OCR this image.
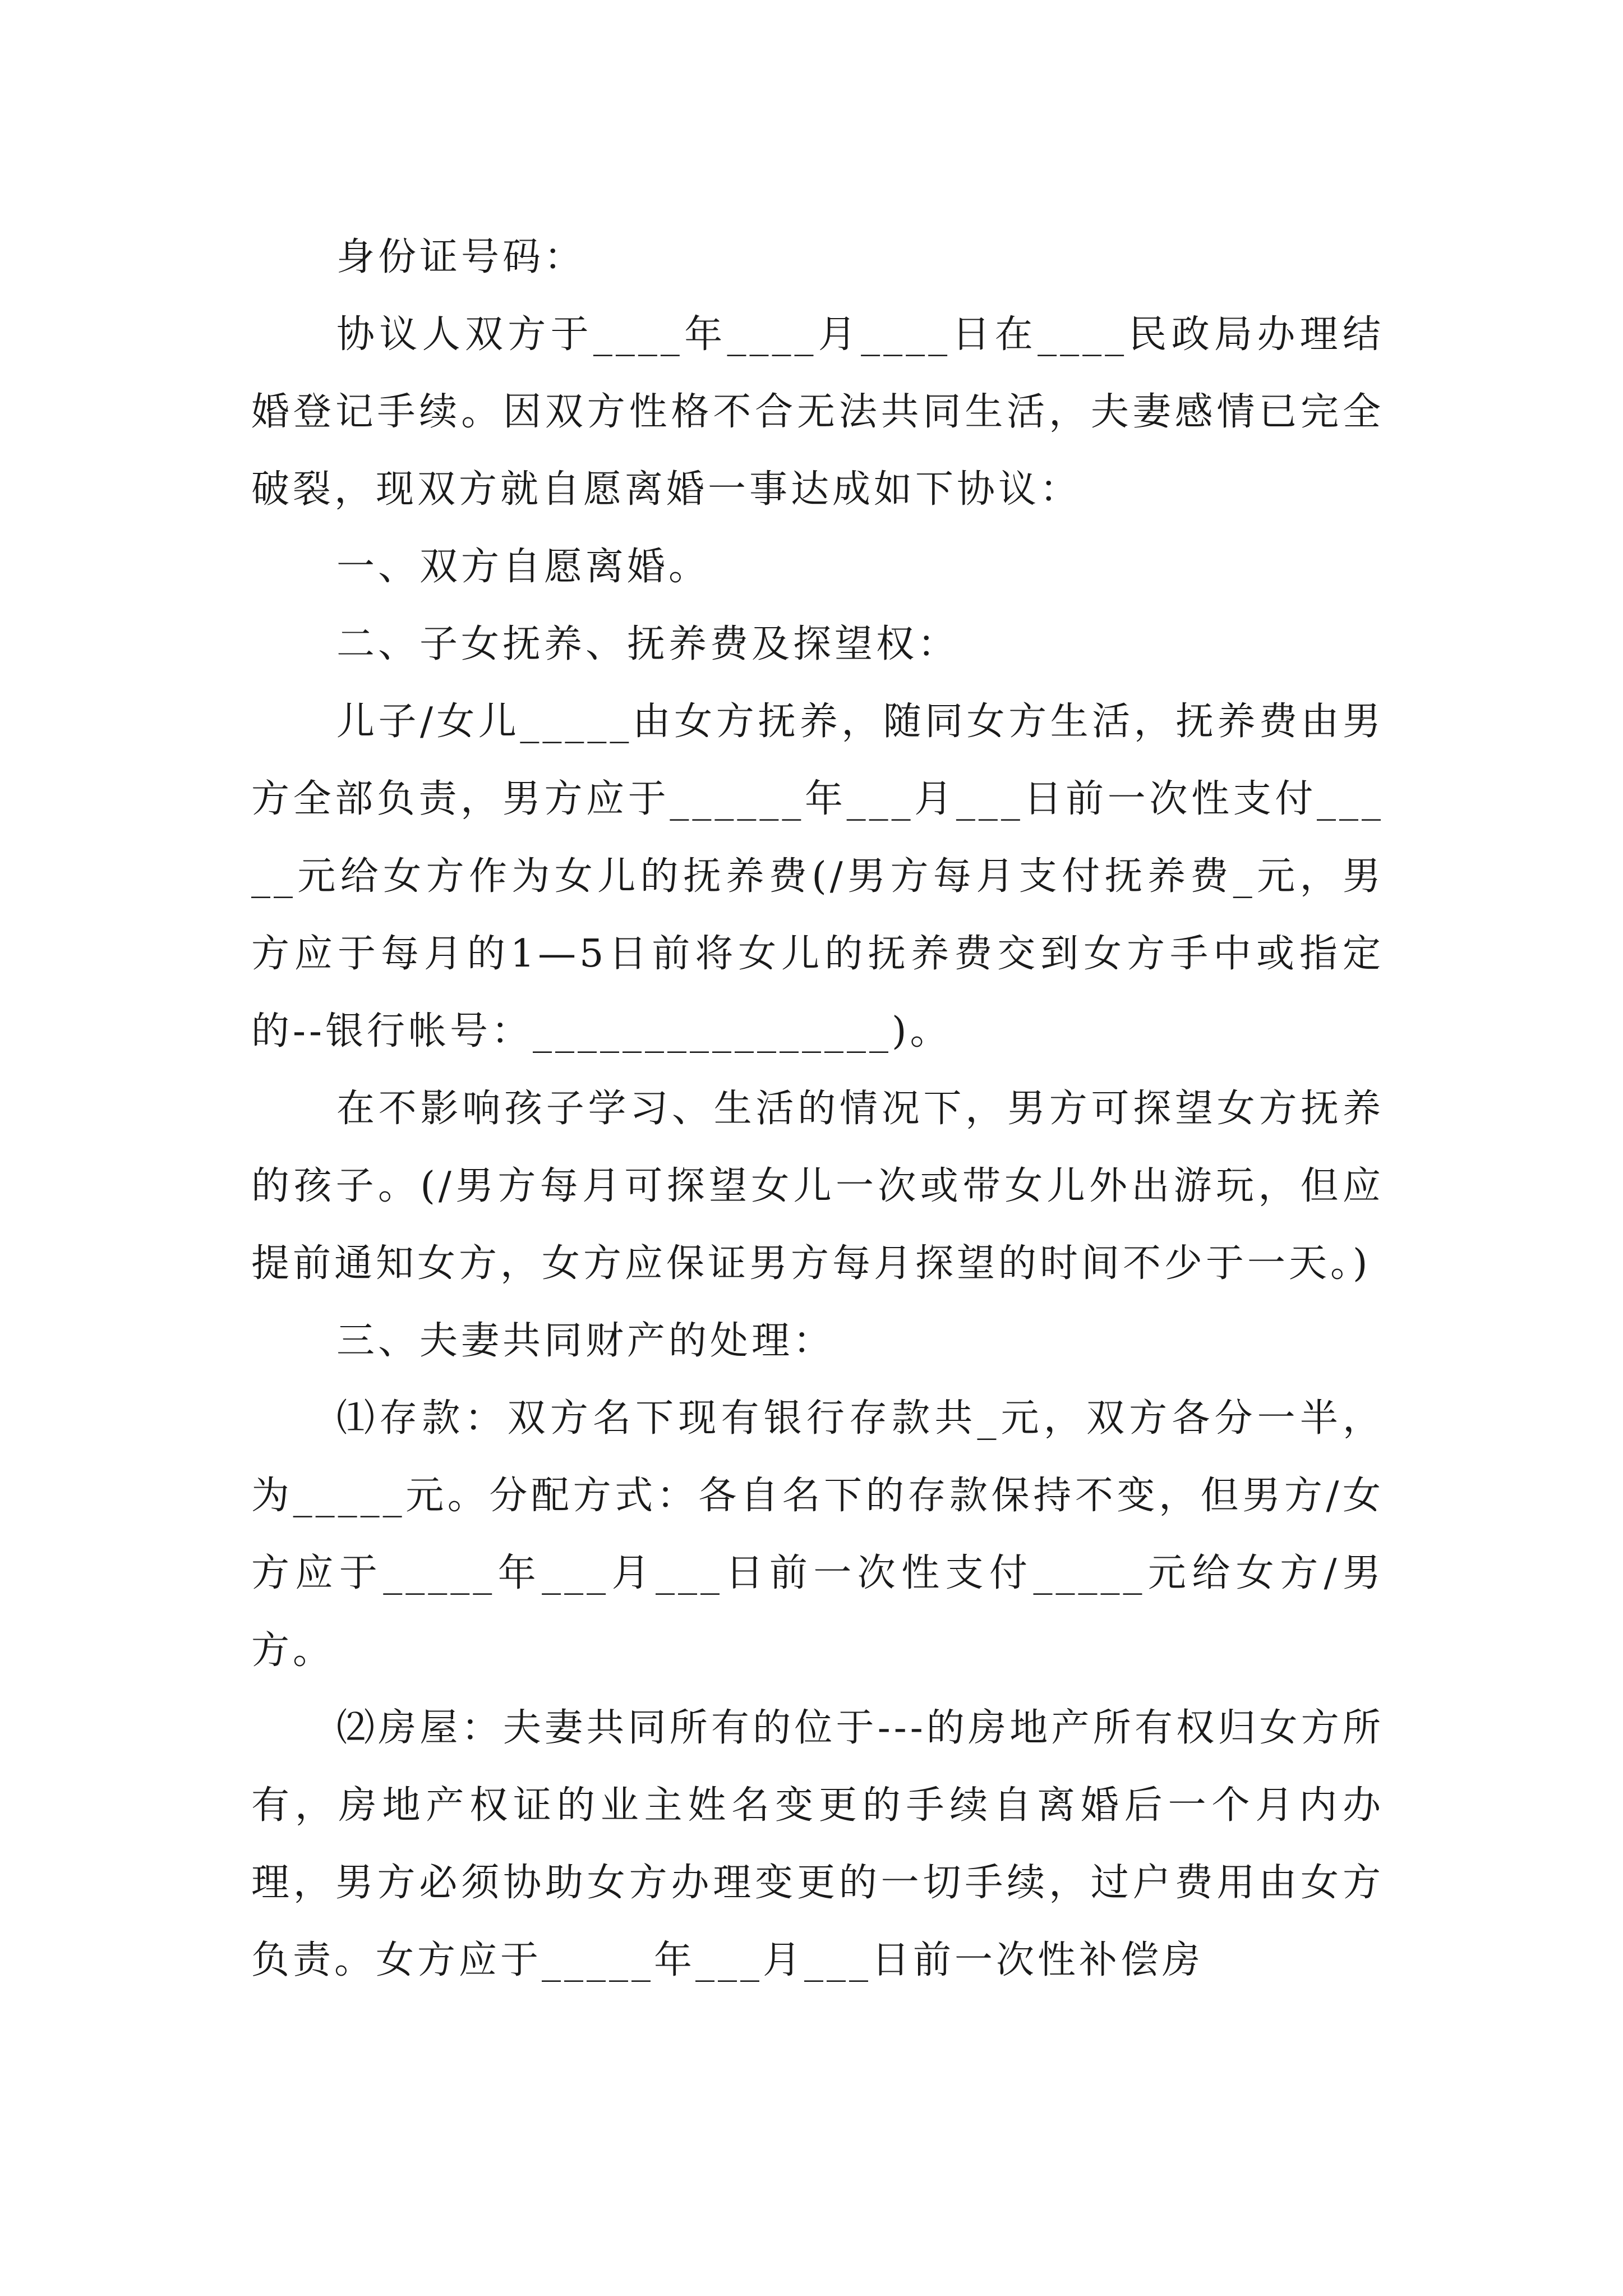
身份证号码：

协议人双方于____年____月____日在____民政局办理结婚登记手续。因双方性格不合无法共同生活，夫妻感情已完全破裂，现双方就自愿离婚一事达成如下协议：

一、双方自愿离婚。

二、子女抚养、抚养费及探望权：

儿子/女儿_____由女方抚养，随同女方生活，抚养费由男方全部负责，男方应于______年___月___日前一次性支付_____元给女方作为女儿的抚养费(/男方每月支付抚养费_元，男方应于每月的1—5日前将女儿的抚养费交到女方手中或指定的--银行帐号：________________)。

在不影响孩子学习、生活的情况下，男方可探望女方抚养的孩子。(/男方每月可探望女儿一次或带女儿外出游玩，但应提前通知女方，女方应保证男方每月探望的时间不少于一天。)

三、夫妻共同财产的处理：

⑴存款：双方名下现有银行存款共_元，双方各分一半，为_____元。分配方式：各自名下的存款保持不变，但男方/女方应于_____年___月___日前一次性支付_____元给女方/男方。

⑵房屋：夫妻共同所有的位于---的房地产所有权归女方所有，房地产权证的业主姓名变更的手续自离婚后一个月内办理，男方必须协助女方办理变更的一切手续，过户费用由女方负责。女方应于_____年___月___日前一次性补偿房
